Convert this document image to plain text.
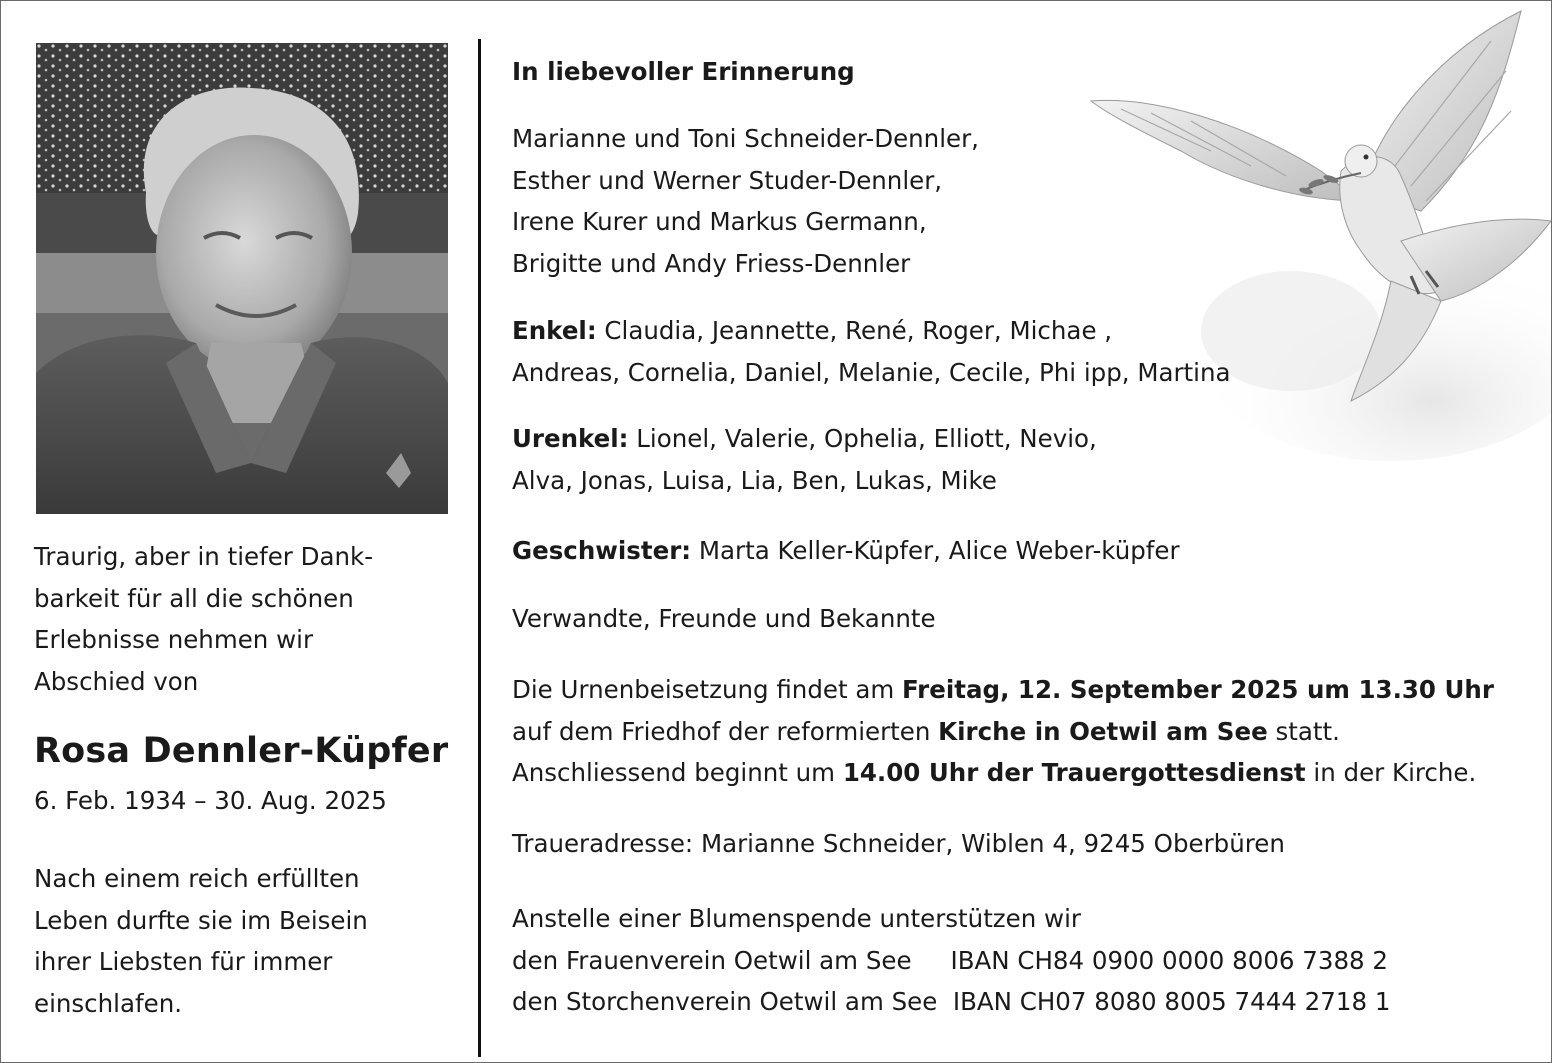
Traurig, aber in tiefer Dank-
barkeit für all die schönen
Erlebnisse nehmen wir
Abschied von
Rosa Dennler-Küpfer
6. Feb. 1934 – 30. Aug. 2025
Nach einem reich erfüllten
Leben durfte sie im Beisein
ihrer Liebsten für immer
einschlafen.
In liebevoller Erinnerung
Marianne und Toni Schneider-Dennler,
Esther und Werner Studer-Dennler,
Irene Kurer und Markus Germann,
Brigitte und Andy Friess-Dennler
Enkel: Claudia, Jeannette, René, Roger, Michae ,
Andreas, Cornelia, Daniel, Melanie, Cecile, Phi ipp, Martina
Urenkel: Lionel, Valerie, Ophelia, Elliott, Nevio,
Alva, Jonas, Luisa, Lia, Ben, Lukas, Mike
Geschwister: Marta Keller-Küpfer, Alice Weber-küpfer
Verwandte, Freunde und Bekannte
Die Urnenbeisetzung findet am Freitag, 12. September 2025 um 13.30 Uhr
auf dem Friedhof der reformierten Kirche in Oetwil am See statt.
Anschliessend beginnt um 14.00 Uhr der Trauergottesdienst in der Kirche.
Traueradresse: Marianne Schneider, Wiblen 4, 9245 Oberbüren
Anstelle einer Blumenspende unterstützen wir
den Frauenverein Oetwil am See     IBAN CH84 0900 0000 8006 7388 2
den Storchenverein Oetwil am See  IBAN CH07 8080 8005 7444 2718 1
